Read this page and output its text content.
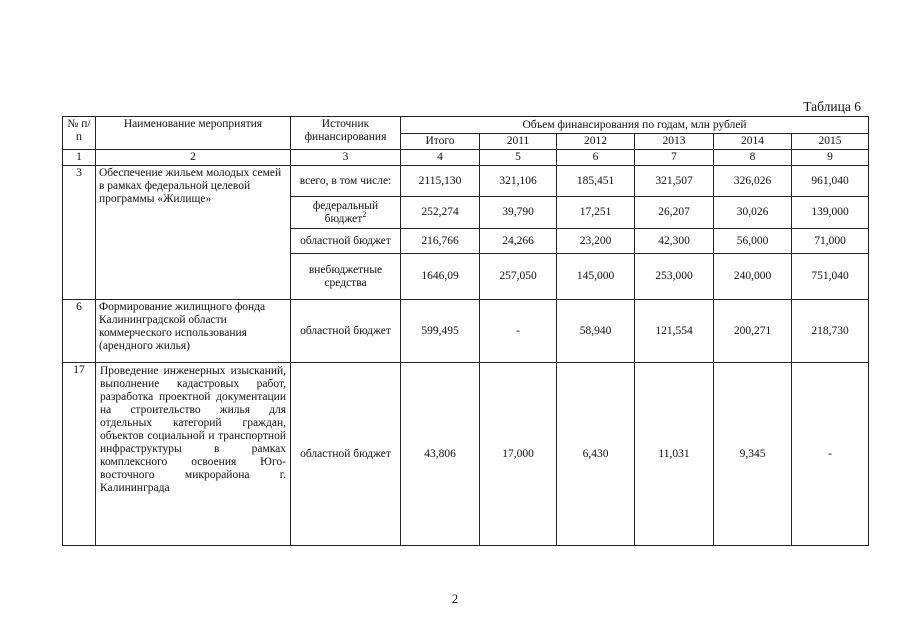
Таблица 6
№ п/п	Наименование мероприятия	Источник финансирования	Объем финансирования по годам, млн рублей					
			Итого	2011	2012	2013	2014	2015
1	2	3	4	5	6	7	8	9
3	Обеспечение жильем молодых семей в рамках федеральной целевой программы «Жилище»	всего, в том числе:	2115,130	321,106	185,451	321,507	326,026	961,040
		федеральный бюджет$^2$	252,274	39,790	17,251	26,207	30,026	139,000
		областной бюджет	216,766	24,266	23,200	42,300	56,000	71,000
		внебюджетные средства	1646,09	257,050	145,000	253,000	240,000	751,040
6	Формирование жилищного фонда Калининградской области коммерческого использования (арендного жилья)	областной бюджет	599,495	-	58,940	121,554	200,271	218,730
17	Проведение инженерных изысканий, выполнение кадастровых работ, разработка проектной документации на строительство жилья для отдельных категорий граждан, объектов социальной и транспортной инфраструктуры в рамках комплексного освоения Юго-восточного микрорайона г. Калининграда	областной бюджет	43,806	17,000	6,430	11,031	9,345	-
2
